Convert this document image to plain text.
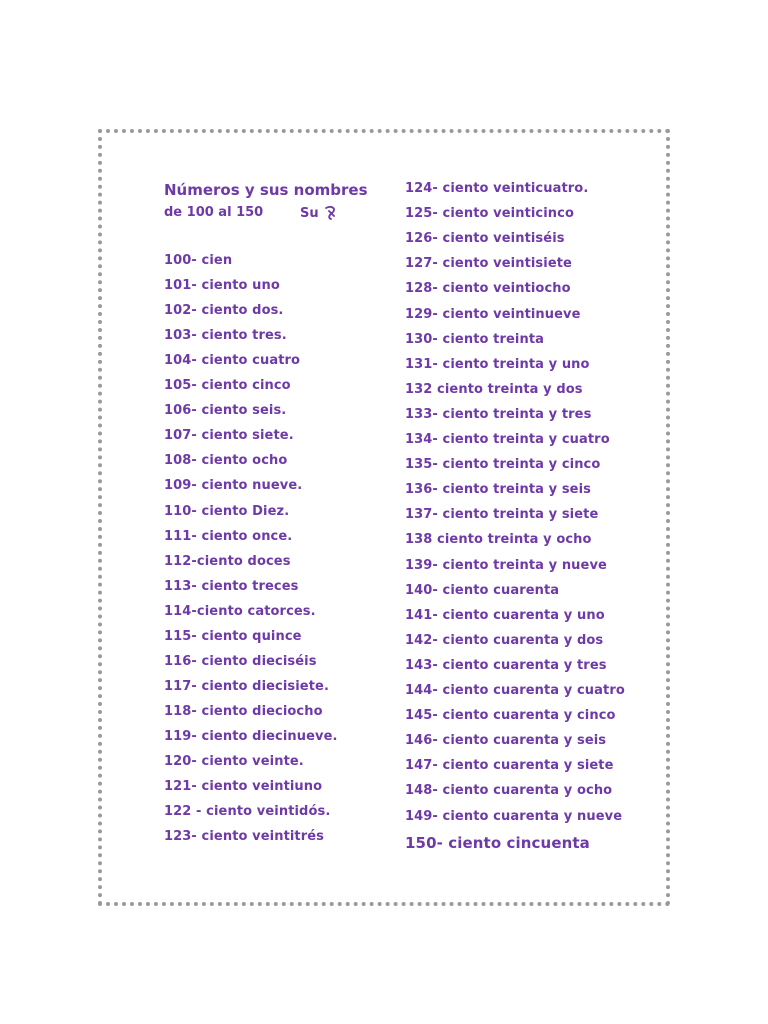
Números y sus nombres
de 100 al 150	Su
100- cien
101- ciento uno
102- ciento dos.
103- ciento tres.
104- ciento cuatro
105- ciento cinco
106- ciento seis.
107- ciento siete.
108- ciento ocho
109- ciento nueve.
110- ciento Diez.
111- ciento once.
112-ciento doces
113- ciento treces
114-ciento catorces.
115- ciento quince
116- ciento dieciséis
117- ciento diecisiete.
118- ciento dieciocho
119- ciento diecinueve.
120- ciento veinte.
121- ciento veintiuno
122 - ciento veintidós.
123- ciento veintitrés
124- ciento veinticuatro.
125- ciento veinticinco
126- ciento veintiséis
127- ciento veintisiete
128- ciento veintiocho
129- ciento veintinueve
130- ciento treinta
131- ciento treinta y uno
132 ciento treinta y dos
133- ciento treinta y tres
134- ciento treinta y cuatro
135- ciento treinta y cinco
136- ciento treinta y seis
137- ciento treinta y siete
138 ciento treinta y ocho
139- ciento treinta y nueve
140- ciento cuarenta
141- ciento cuarenta y uno
142- ciento cuarenta y dos
143- ciento cuarenta y tres
144- ciento cuarenta y cuatro
145- ciento cuarenta y cinco
146- ciento cuarenta y seis
147- ciento cuarenta y siete
148- ciento cuarenta y ocho
149- ciento cuarenta y nueve
150- ciento cincuenta
